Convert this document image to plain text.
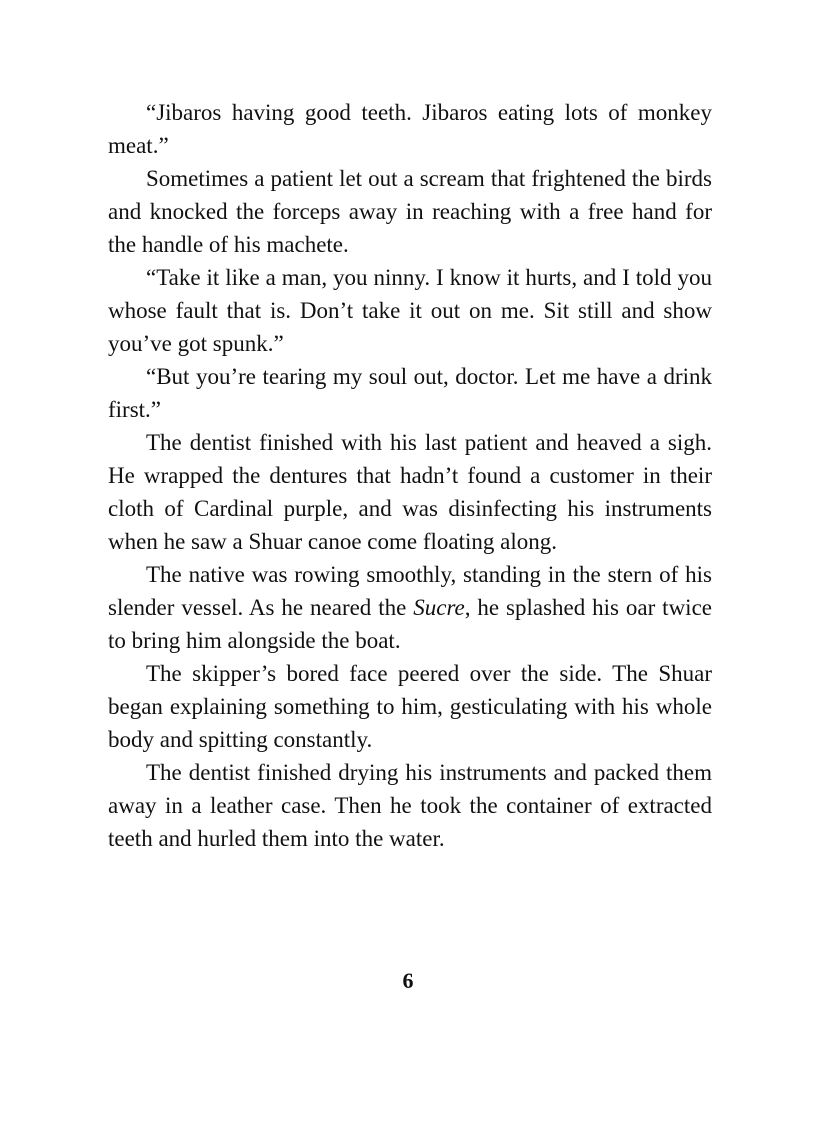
“Jibaros having good teeth. Jibaros eating lots of monkey meat.”

Sometimes a patient let out a scream that frightened the birds and knocked the forceps away in reaching with a free hand for the handle of his machete.

“Take it like a man, you ninny. I know it hurts, and I told you whose fault that is. Don’t take it out on me. Sit still and show you’ve got spunk.”

“But you’re tearing my soul out, doctor. Let me have a drink first.”

The dentist finished with his last patient and heaved a sigh. He wrapped the dentures that hadn’t found a customer in their cloth of Cardinal purple, and was disinfecting his instruments when he saw a Shuar canoe come floating along.

The native was rowing smoothly, standing in the stern of his slender vessel. As he neared the Sucre, he splashed his oar twice to bring him alongside the boat.

The skipper’s bored face peered over the side. The Shuar began explaining something to him, gesticulating with his whole body and spitting constantly.

The dentist finished drying his instruments and packed them away in a leather case. Then he took the container of extracted teeth and hurled them into the water.

6
